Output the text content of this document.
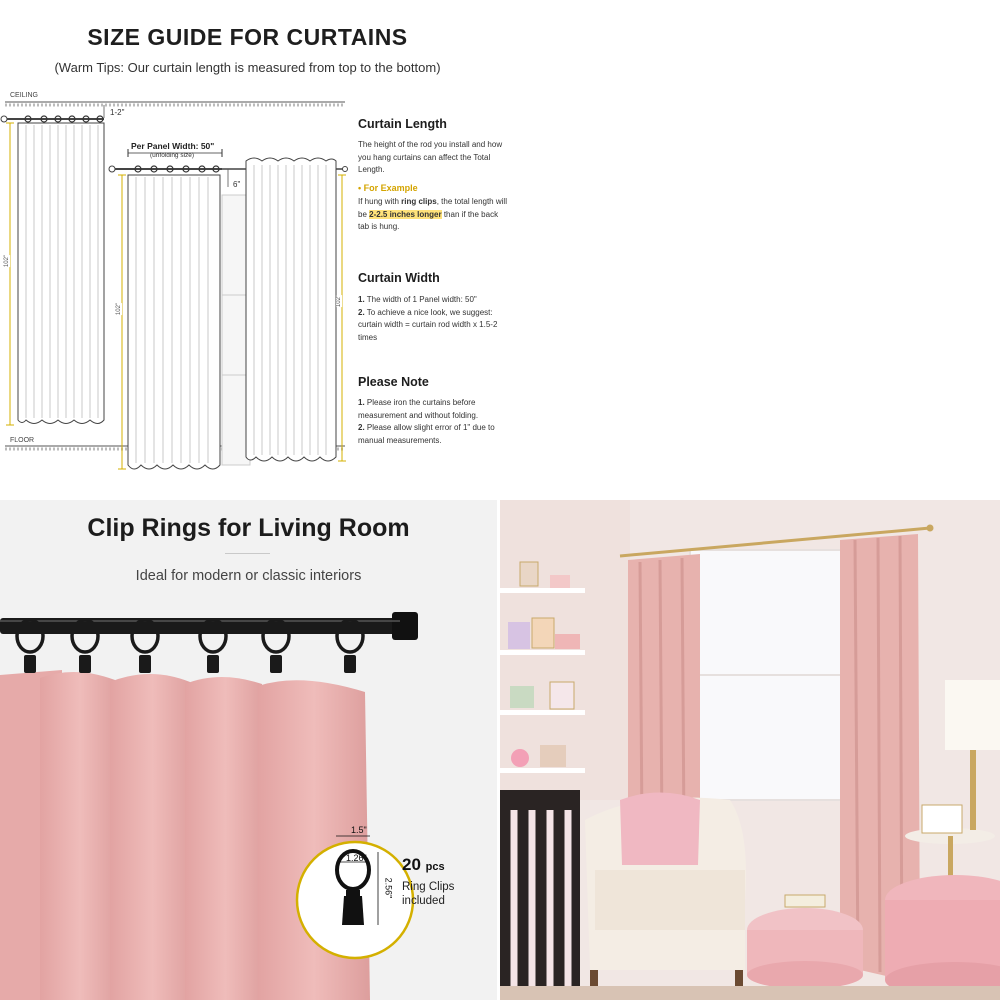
SIZE GUIDE FOR CURTAINS
(Warm Tips: Our curtain length is measured from top to the bottom)
CEILING
FLOOR
1-2"
Per Panel Width: 50"
(unfolding size)
6"
102"
102"
102"
Curtain Length
The height of the rod you install and how you hang curtains can affect the Total Length.
• For Example
If hung with ring clips, the total length will be 2-2.5 inches longer than if the back tab is hung.
Curtain Width
1. The width of 1 Panel width: 50"
2. To achieve a nice look, we suggest: curtain width = curtain rod width x 1.5-2 times
Please Note
1. Please iron the curtains before measurement and without folding.
2. Please allow slight error of 1" due to manual measurements.
Clip Rings for Living Room
Ideal for modern or classic interiors
1.5"
1.26"
2.56"
20 pcs
Ring Clips
included
